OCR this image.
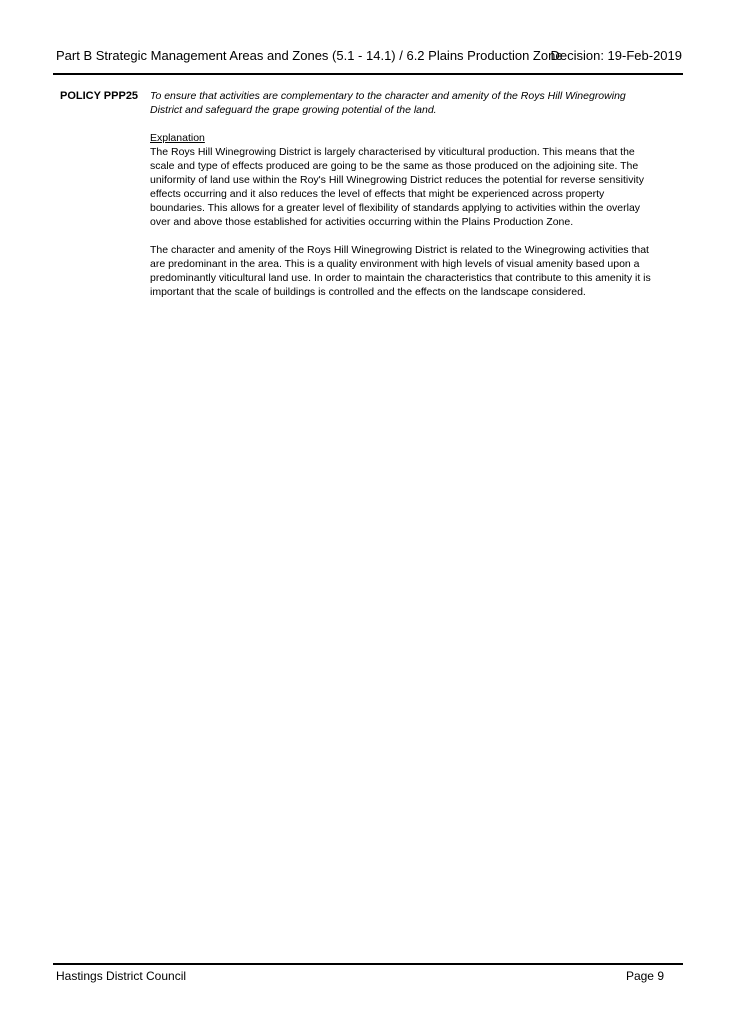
Part B Strategic Management Areas and Zones (5.1 - 14.1) / 6.2 Plains Production Zone
Decision: 19-Feb-2019
POLICY PPP25 To ensure that activities are complementary to the character and amenity of the Roys Hill Winegrowing District and safeguard the grape growing potential of the land.

Explanation

The Roys Hill Winegrowing District is largely characterised by viticultural production. This means that the scale and type of effects produced are going to be the same as those produced on the adjoining site. The uniformity of land use within the Roy's Hill Winegrowing District reduces the potential for reverse sensitivity effects occurring and it also reduces the level of effects that might be experienced across property boundaries. This allows for a greater level of flexibility of standards applying to activities within the overlay over and above those established for activities occurring within the Plains Production Zone.

The character and amenity of the Roys Hill Winegrowing District is related to the Winegrowing activities that are predominant in the area. This is a quality environment with high levels of visual amenity based upon a predominantly viticultural land use. In order to maintain the characteristics that contribute to this amenity it is important that the scale of buildings is controlled and the effects on the landscape considered.

Hastings District Council	Page 9
